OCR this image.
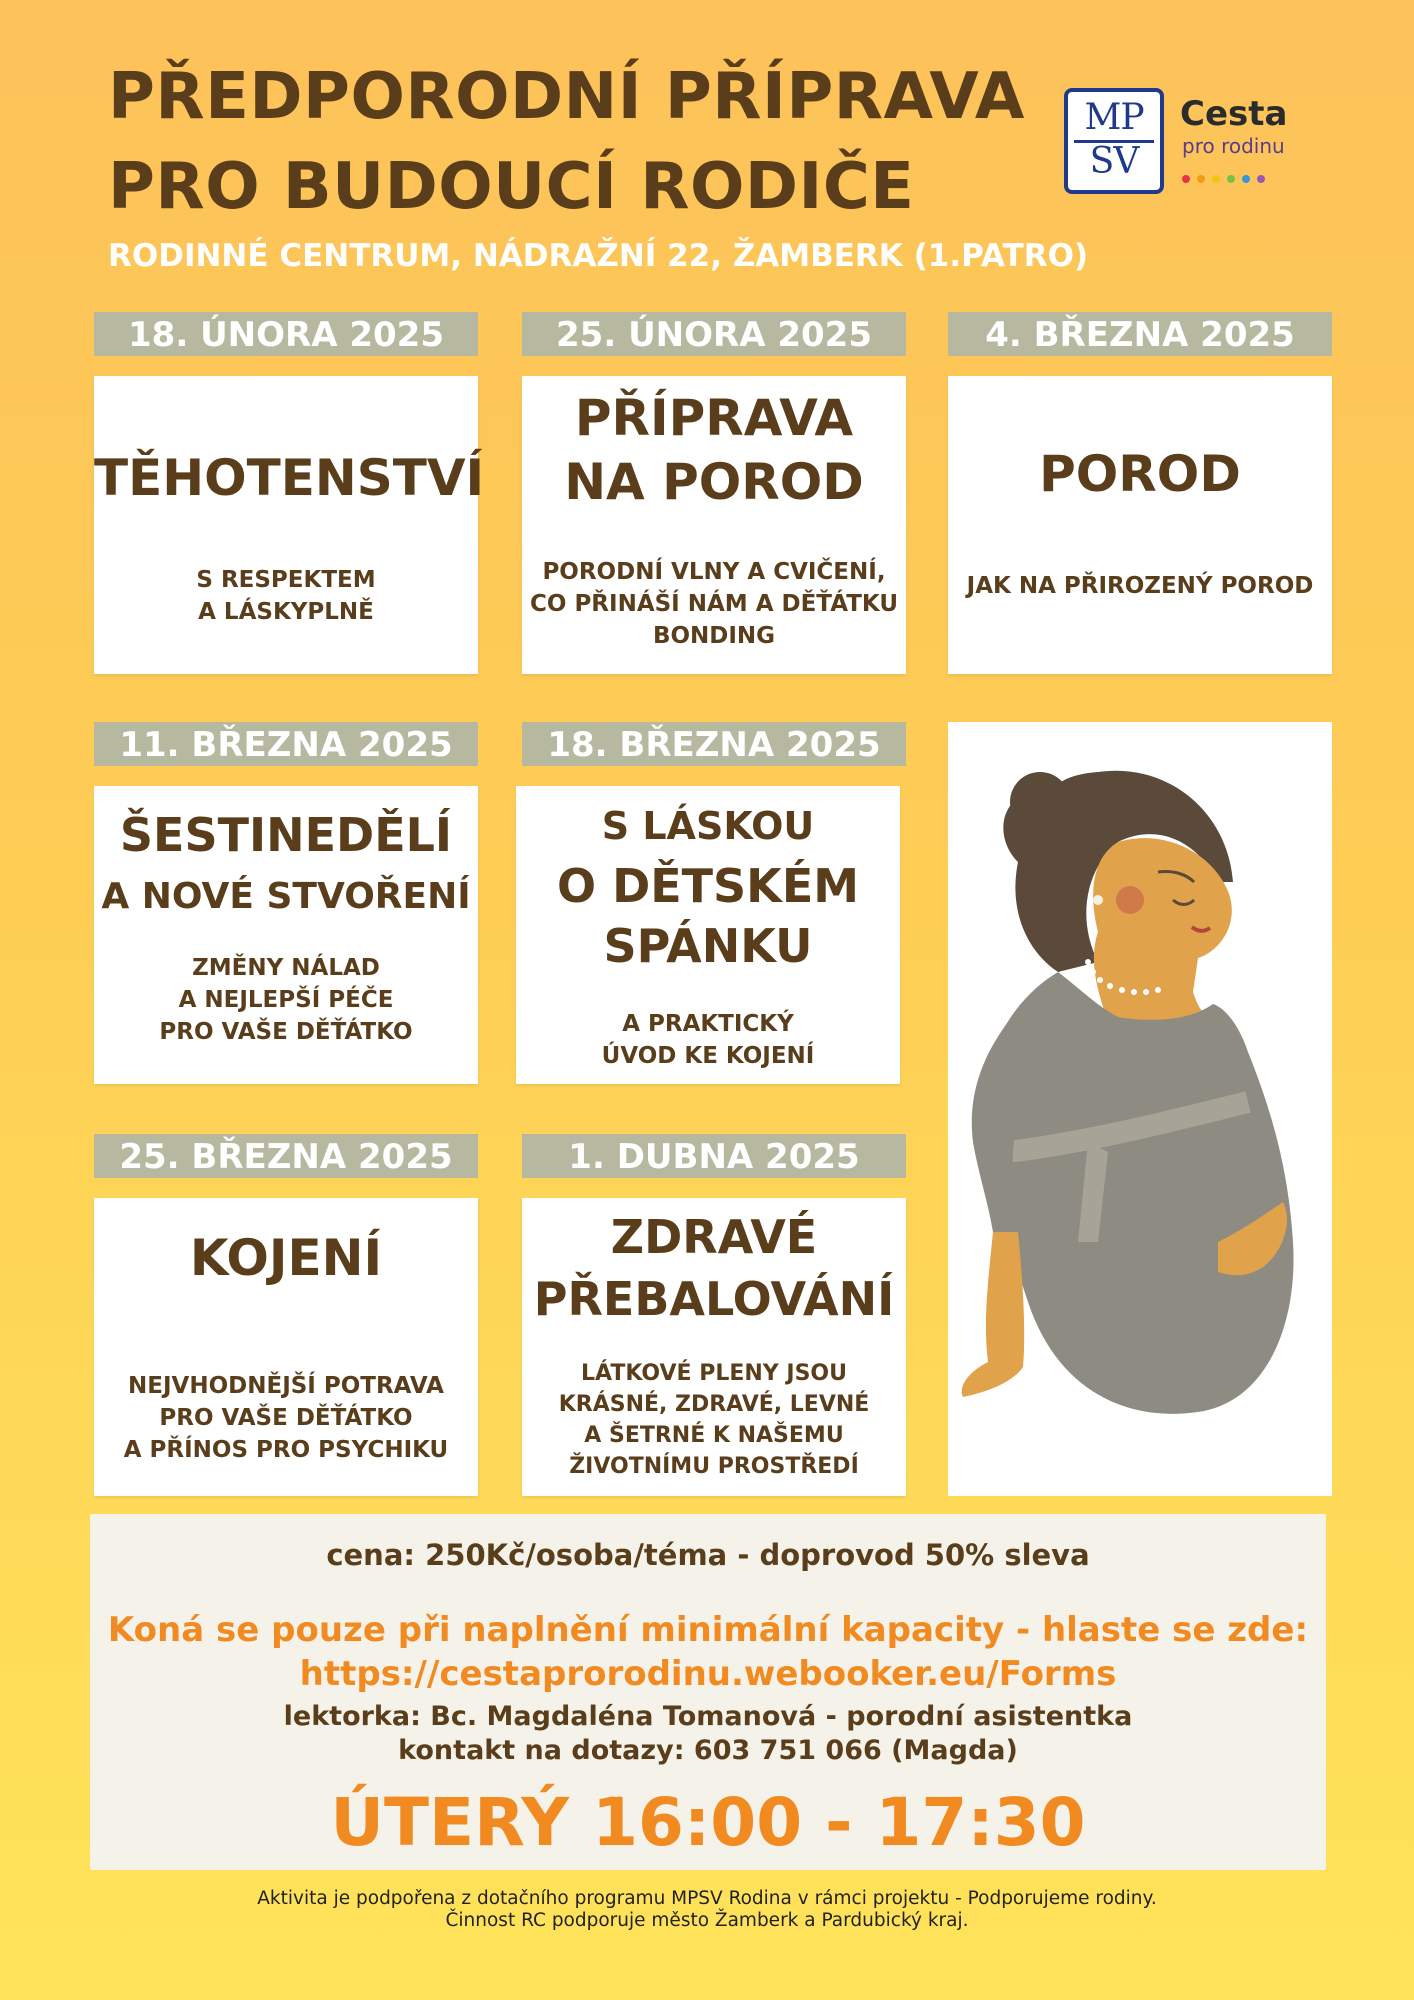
PŘEDPORODNÍ PŘÍPRAVA
PRO BUDOUCÍ RODIČE
RODINNÉ CENTRUM, NÁDRAŽNÍ 22, ŽAMBERK (1.PATRO)
MP
SV
Cesta
pro rodinu
18. ÚNORA 2025
TĚHOTENSTVÍ
S RESPEKTEM
A LÁSKYPLNĚ
25. ÚNORA 2025
PŘÍPRAVA
NA POROD
PORODNÍ VLNY A CVIČENÍ,
CO PŘINÁŠÍ NÁM A DĚŤÁTKU
BONDING
4. BŘEZNA 2025
POROD
JAK NA PŘIROZENÝ POROD
11. BŘEZNA 2025
ŠESTINEDĚLÍ
A NOVÉ STVOŘENÍ
ZMĚNY NÁLAD
A NEJLEPŠÍ PÉČE
PRO VAŠE DĚŤÁTKO
18. BŘEZNA 2025
S LÁSKOU
O DĚTSKÉM
SPÁNKU
A PRAKTICKÝ
ÚVOD KE KOJENÍ
25. BŘEZNA 2025
KOJENÍ
NEJVHODNĚJŠÍ POTRAVA
PRO VAŠE DĚŤÁTKO
A PŘÍNOS PRO PSYCHIKU
1. DUBNA 2025
ZDRAVÉ
PŘEBALOVÁNÍ
LÁTKOVÉ PLENY JSOU
KRÁSNÉ, ZDRAVÉ, LEVNÉ
A ŠETRNÉ K NAŠEMU
ŽIVOTNÍMU PROSTŘEDÍ
cena: 250Kč/osoba/téma - doprovod 50% sleva
Koná se pouze při naplnění minimální kapacity - hlaste se zde:
https://cestaprorodinu.webooker.eu/Forms
lektorka: Bc. Magdaléna Tomanová - porodní asistentka
kontakt na dotazy: 603 751 066 (Magda)
ÚTERÝ 16:00 - 17:30
Aktivita je podpořena z dotačního programu MPSV Rodina v rámci projektu - Podporujeme rodiny.
Činnost RC podporuje město Žamberk a Pardubický kraj.
